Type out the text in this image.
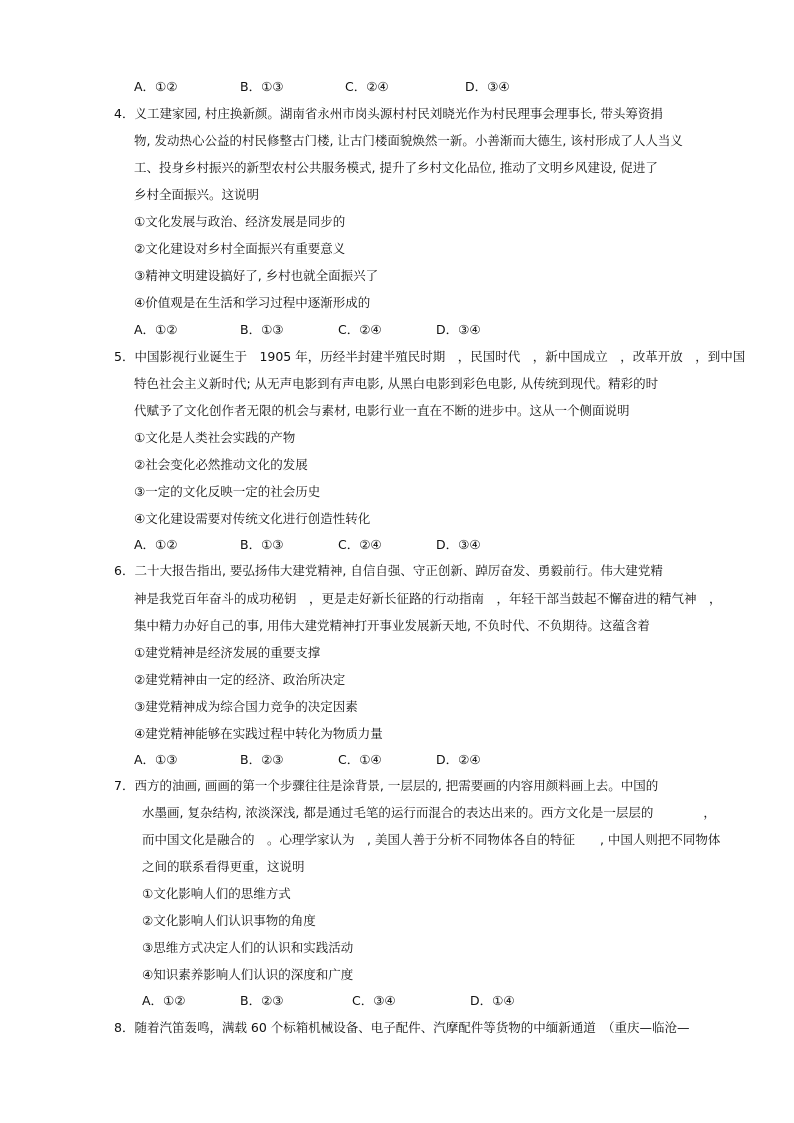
A．①②	B．①③	C．②④	D．③④
4．义工建家园, 村庄换新颜。湖南省永州市岗头源村村民刘晓光作为村民理事会理事长, 带头筹资捐
物, 发动热心公益的村民修整古门楼, 让古门楼面貌焕然一新。小善渐而大德生, 该村形成了人人当义
工、投身乡村振兴的新型农村公共服务模式, 提升了乡村文化品位, 推动了文明乡风建设, 促进了
乡村全面振兴。这说明
①文化发展与政治、经济发展是同步的
②文化建设对乡村全面振兴有重要意义
③精神文明建设搞好了, 乡村也就全面振兴了
④价值观是在生活和学习过程中逐渐形成的
A．①②	B．①③	C．②④	D．③④
5．中国影视行业诞生于　1905 年，历经半封建半殖民时期　，民国时代　，新中国成立　，改革开放　，到中国
特色社会主义新时代; 从无声电影到有声电影, 从黑白电影到彩色电影, 从传统到现代。精彩的时
代赋予了文化创作者无限的机会与素材, 电影行业一直在不断的进步中。这从一个侧面说明
①文化是人类社会实践的产物
②社会变化必然推动文化的发展
③一定的文化反映一定的社会历史
④文化建设需要对传统文化进行创造性转化
A．①②	B．①③	C．②④	D．③④
6．二十大报告指出, 要弘扬伟大建党精神, 自信自强、守正创新、踔厉奋发、勇毅前行。伟大建党精
神是我党百年奋斗的成功秘钥　，更是走好新长征路的行动指南　，年轻干部当鼓起不懈奋进的精气神　，
集中精力办好自己的事, 用伟大建党精神打开事业发展新天地, 不负时代、不负期待。这蕴含着
①建党精神是经济发展的重要支撑
②建党精神由一定的经济、政治所决定
③建党精神成为综合国力竞争的决定因素
④建党精神能够在实践过程中转化为物质力量
A．①③	B．②③	C．①④	D．②④
7．西方的油画, 画画的第一个步骤往往是涂背景, 一层层的, 把需要画的内容用颜料画上去。中国的
水墨画, 复杂结构, 浓淡深浅, 都是通过毛笔的运行而混合的表达出来的。西方文化是一层层的　　　　，
而中国文化是融合的　。心理学家认为　, 美国人善于分析不同物体各自的特征　　, 中国人则把不同物体
之间的联系看得更重，这说明
①文化影响人们的思维方式
②文化影响人们认识事物的角度
③思维方式决定人们的认识和实践活动
④知识素养影响人们认识的深度和广度
A．①②	B．②③	C．③④	D．①④
8．随着汽笛轰鸣，满载 60 个标箱机械设备、电子配件、汽摩配件等货物的中缅新通道　（重庆—临沧—
